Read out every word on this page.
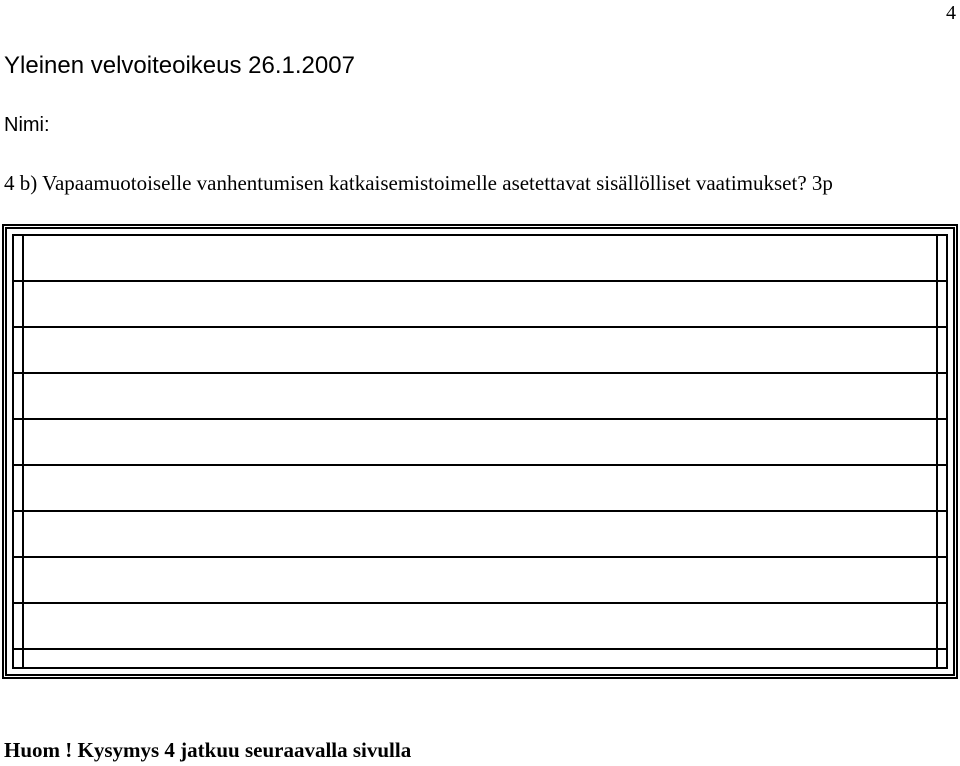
4
Yleinen velvoiteoikeus 26.1.2007
Nimi:
4 b) Vapaamuotoiselle vanhentumisen katkaisemistoimelle asetettavat sisällölliset vaatimukset? 3p
Huom ! Kysymys 4 jatkuu seuraavalla sivulla
